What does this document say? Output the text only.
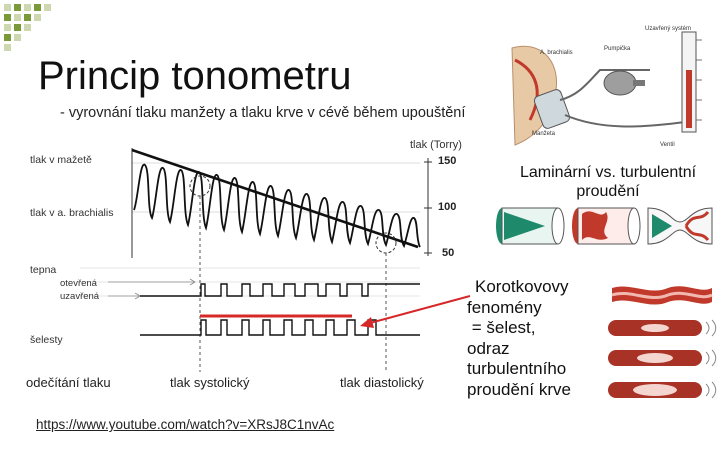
Princip tonometru
- vyrovnání tlaku manžety a tlaku krve v cévě během upouštění
tlak v mažetě
tlak v a. brachialis
tepna
otevřená
uzavřená
šelesty
tlak (Torry)
150
100
50
odečítání tlaku	tlak systolický	tlak diastolický
https://www.youtube.com/watch?v=XRsJ8C1nvAc
Uzavřený systém
A. brachialis
Pumpička
Manžeta
Ventil
Laminární vs. turbulentní
proudění
Korotkovovy
fenomény
= šelest,
odraz
turbulentního
proudění krve
